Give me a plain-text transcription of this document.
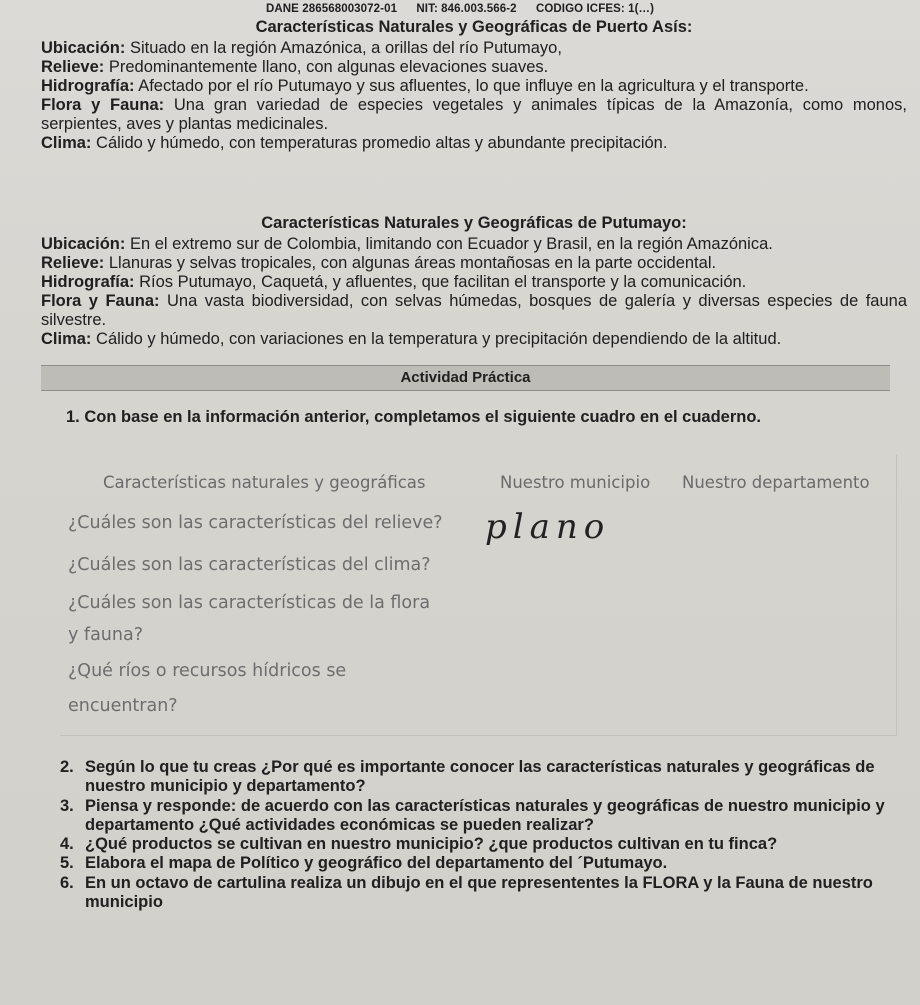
DANE 286568003072-01 NIT: 846.003.566-2 CODIGO ICFES: 1(…)
Características Naturales y Geográficas de Puerto Asís:

Ubicación: Situado en la región Amazónica, a orillas del río Putumayo,

Relieve: Predominantemente llano, con algunas elevaciones suaves.

Hidrografía: Afectado por el río Putumayo y sus afluentes, lo que influye en la agricultura y el transporte.

Flora y Fauna: Una gran variedad de especies vegetales y animales típicas de la Amazonía, como monos, serpientes, aves y plantas medicinales.

Clima: Cálido y húmedo, con temperaturas promedio altas y abundante precipitación.

Características Naturales y Geográficas de Putumayo:

Ubicación: En el extremo sur de Colombia, limitando con Ecuador y Brasil, en la región Amazónica.

Relieve: Llanuras y selvas tropicales, con algunas áreas montañosas en la parte occidental.

Hidrografía: Ríos Putumayo, Caquetá, y afluentes, que facilitan el transporte y la comunicación.

Flora y Fauna: Una vasta biodiversidad, con selvas húmedas, bosques de galería y diversas especies de fauna silvestre.

Clima: Cálido y húmedo, con variaciones en la temperatura y precipitación dependiendo de la altitud.

Actividad Práctica
1. Con base en la información anterior, completamos el siguiente cuadro en el cuaderno.
Características naturales y geográficas	Nuestro municipio Nuestro departamento
¿Cuáles son las características del relieve? plano
¿Cuáles son las características del clima?
¿Cuáles son las características de la flora
y fauna?
¿Qué ríos o recursos hídricos se
encuentran?
2. Según lo que tu creas ¿Por qué es importante conocer las características naturales y geográficas de nuestro municipio y departamento?
3. Piensa y responde: de acuerdo con las características naturales y geográficas de nuestro municipio y departamento ¿Qué actividades económicas se pueden realizar?
4. ¿Qué productos se cultivan en nuestro municipio? ¿que productos cultivan en tu finca?
5. Elabora el mapa de Político y geográfico del departamento del ´Putumayo.
6. En un octavo de cartulina realiza un dibujo en el que represententes la FLORA y la Fauna de nuestro municipio
